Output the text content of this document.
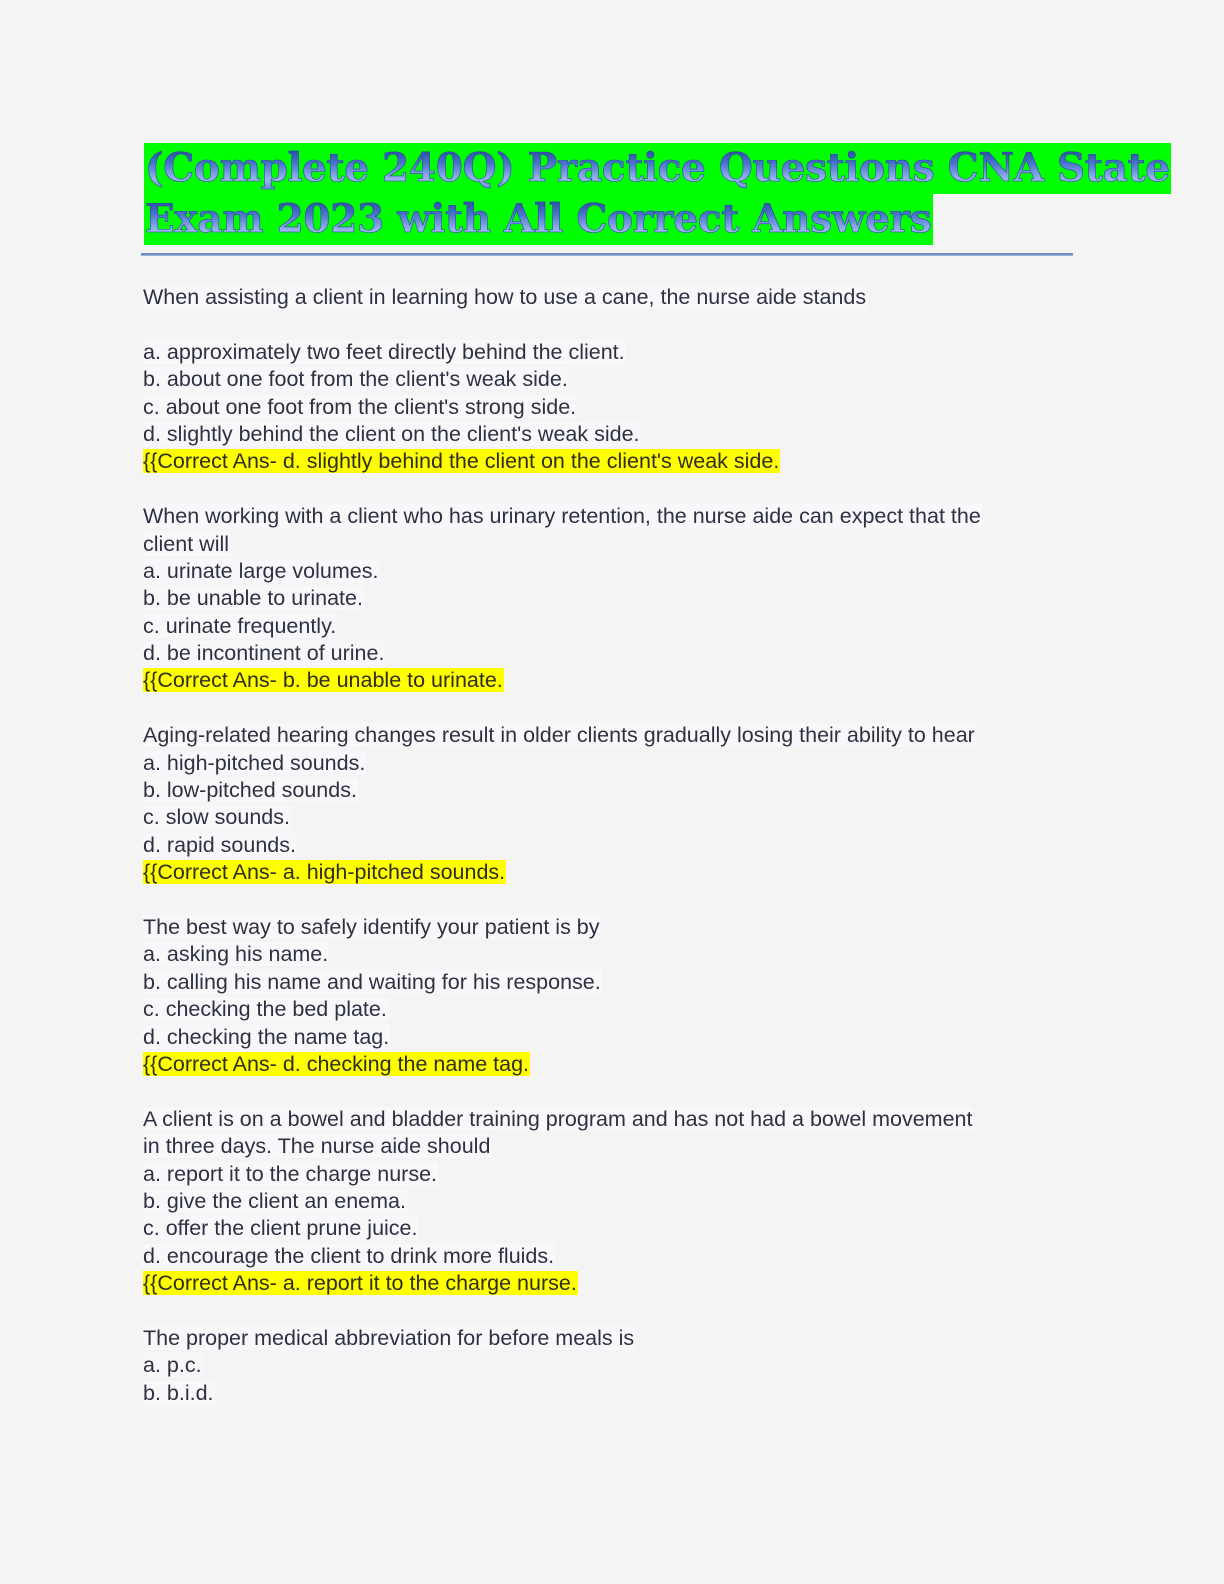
(Complete 240Q) Practice Questions CNA State
Exam 2023 with All Correct Answers
When assisting a client in learning how to use a cane, the nurse aide stands
a. approximately two feet directly behind the client.
b. about one foot from the client's weak side.
c. about one foot from the client's strong side.
d. slightly behind the client on the client's weak side.
{{Correct Ans- d. slightly behind the client on the client's weak side.
When working with a client who has urinary retention, the nurse aide can expect that the
client will
a. urinate large volumes.
b. be unable to urinate.
c. urinate frequently.
d. be incontinent of urine.
{{Correct Ans- b. be unable to urinate.
Aging-related hearing changes result in older clients gradually losing their ability to hear
a. high-pitched sounds.
b. low-pitched sounds.
c. slow sounds.
d. rapid sounds.
{{Correct Ans- a. high-pitched sounds.
The best way to safely identify your patient is by
a. asking his name.
b. calling his name and waiting for his response.
c. checking the bed plate.
d. checking the name tag.
{{Correct Ans- d. checking the name tag.
A client is on a bowel and bladder training program and has not had a bowel movement
in three days. The nurse aide should
a. report it to the charge nurse.
b. give the client an enema.
c. offer the client prune juice.
d. encourage the client to drink more fluids.
{{Correct Ans- a. report it to the charge nurse.
The proper medical abbreviation for before meals is
a. p.c.
b. b.i.d.
